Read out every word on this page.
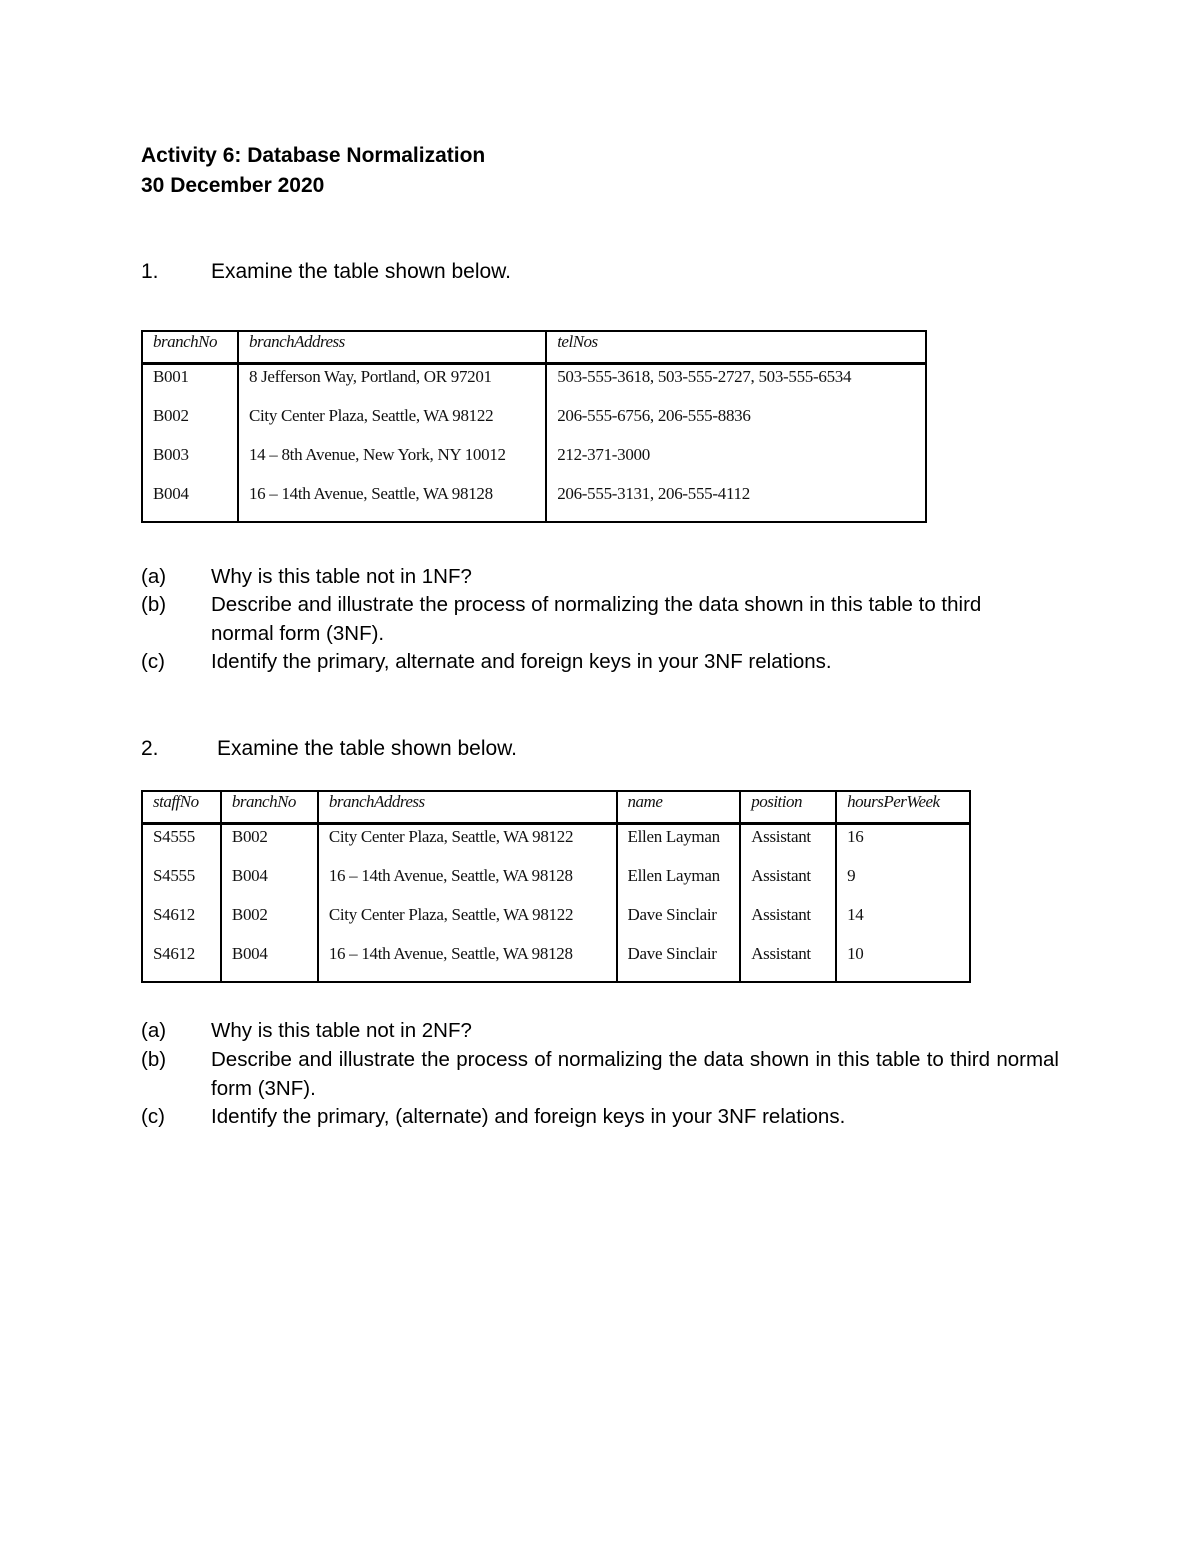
Activity 6: Database Normalization
30 December 2020
1. Examine the table shown below.
branchNo	branchAddress	telNos
B001	8 Jefferson Way, Portland, OR 97201	503-555-3618, 503-555-2727, 503-555-6534
B002	City Center Plaza, Seattle, WA 98122	206-555-6756, 206-555-8836
B003	14 – 8th Avenue, New York, NY 10012	212-371-3000
B004	16 – 14th Avenue, Seattle, WA 98128	206-555-3131, 206-555-4112
(a)	Why is this table not in 1NF?
(b)	Describe and illustrate the process of normalizing the data shown in this table to third normal form (3NF).
(c)	Identify the primary, alternate and foreign keys in your 3NF relations.
2.	Examine the table shown below.
staffNo	branchNo	branchAddress	name	position	hoursPerWeek
S4555	B002	City Center Plaza, Seattle, WA 98122	Ellen Layman	Assistant	16
S4555	B004	16 – 14th Avenue, Seattle, WA 98128	Ellen Layman	Assistant	9
S4612	B002	City Center Plaza, Seattle, WA 98122	Dave Sinclair	Assistant	14
S4612	B004	16 – 14th Avenue, Seattle, WA 98128	Dave Sinclair	Assistant	10
(a)	Why is this table not in 2NF?
(b)	Describe and illustrate the process of normalizing the data shown in this table to third normal form (3NF).
(c)	Identify the primary, (alternate) and foreign keys in your 3NF relations.
